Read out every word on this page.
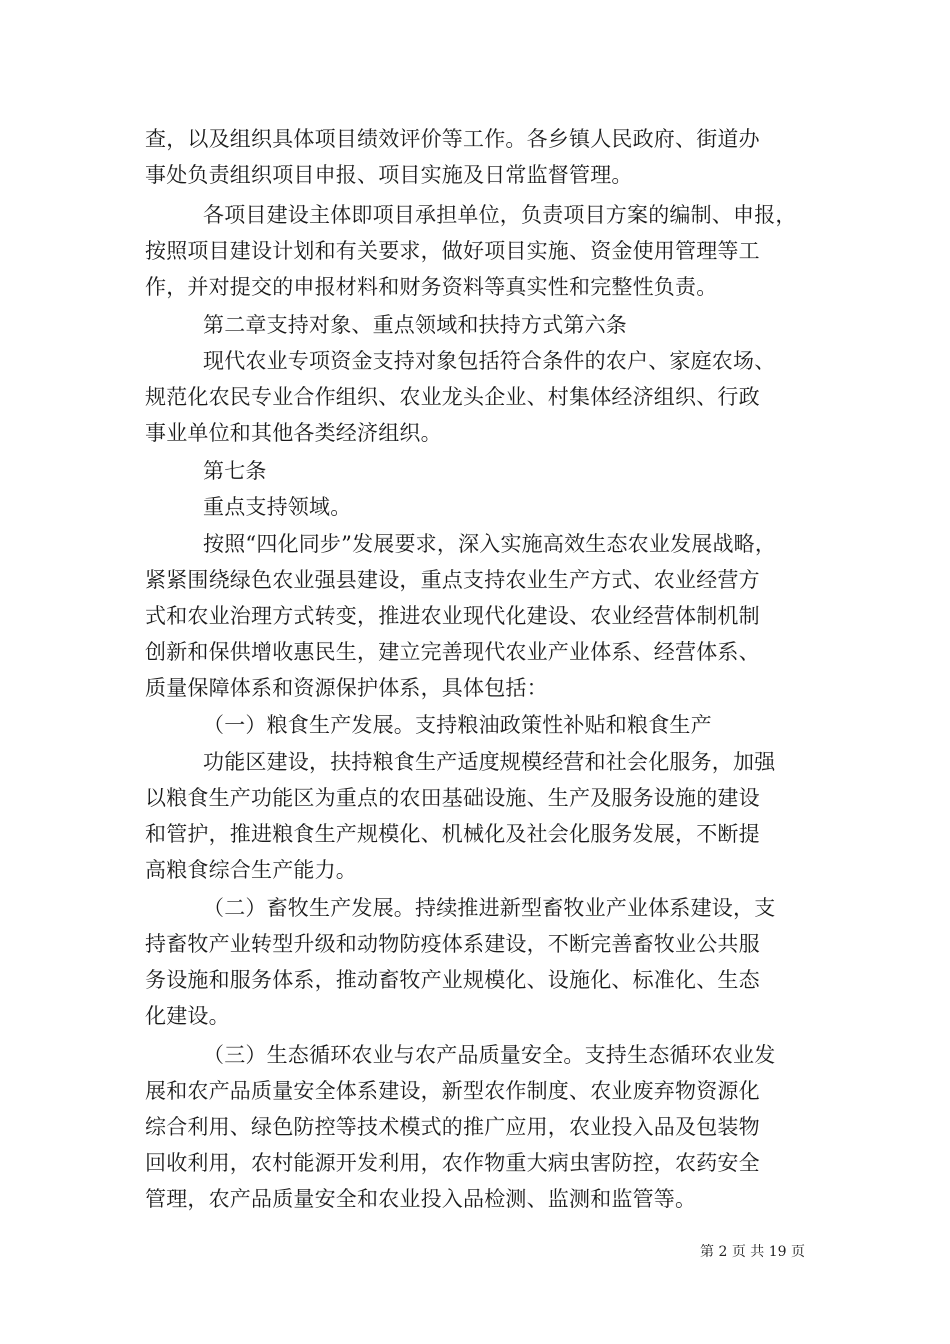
查，以及组织具体项目绩效评价等工作。各乡镇人民政府、街道办
事处负责组织项目申报、项目实施及日常监督管理。
各项目建设主体即项目承担单位，负责项目方案的编制、申报，
按照项目建设计划和有关要求，做好项目实施、资金使用管理等工
作，并对提交的申报材料和财务资料等真实性和完整性负责。
第二章支持对象、重点领域和扶持方式第六条
现代农业专项资金支持对象包括符合条件的农户、家庭农场、
规范化农民专业合作组织、农业龙头企业、村集体经济组织、行政
事业单位和其他各类经济组织。
第七条
重点支持领域。
按照“四化同步”发展要求，深入实施高效生态农业发展战略，
紧紧围绕绿色农业强县建设，重点支持农业生产方式、农业经营方
式和农业治理方式转变，推进农业现代化建设、农业经营体制机制
创新和保供增收惠民生，建立完善现代农业产业体系、经营体系、
质量保障体系和资源保护体系，具体包括：
（一）粮食生产发展。支持粮油政策性补贴和粮食生产
功能区建设，扶持粮食生产适度规模经营和社会化服务，加强
以粮食生产功能区为重点的农田基础设施、生产及服务设施的建设
和管护，推进粮食生产规模化、机械化及社会化服务发展，不断提
高粮食综合生产能力。
（二）畜牧生产发展。持续推进新型畜牧业产业体系建设，支
持畜牧产业转型升级和动物防疫体系建设，不断完善畜牧业公共服
务设施和服务体系，推动畜牧产业规模化、设施化、标准化、生态
化建设。
（三）生态循环农业与农产品质量安全。支持生态循环农业发
展和农产品质量安全体系建设，新型农作制度、农业废弃物资源化
综合利用、绿色防控等技术模式的推广应用，农业投入品及包装物
回收利用，农村能源开发利用，农作物重大病虫害防控，农药安全
管理，农产品质量安全和农业投入品检测、监测和监管等。
第 2 页 共 19 页
